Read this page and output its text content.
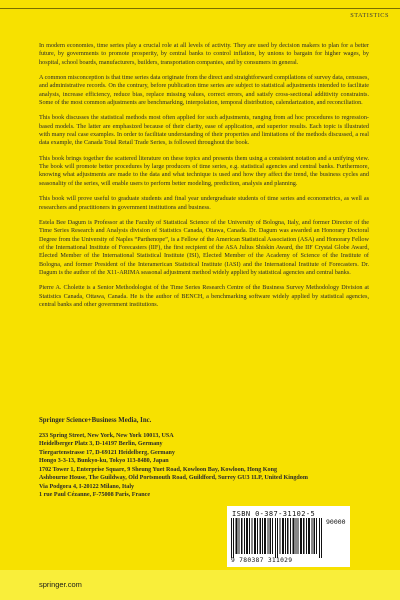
STATISTICS

In modern economies, time series play a crucial role at all levels of activity. They are used by decision makers to plan for a better future, by governments to promote prosperity, by central banks to control inflation, by unions to bargain for higher wages, by hospital, school boards, manufacturers, builders, transportation companies, and by consumers in general.

A common misconception is that time series data originate from the direct and straightforward compilations of survey data, censuses, and administrative records. On the contrary, before publication time series are subject to statistical adjustments intended to facilitate analysis, increase efficiency, reduce bias, replace missing values, correct errors, and satisfy cross-sectional additivity constraints. Some of the most common adjustments are benchmarking, interpolation, temporal distribution, calendarization, and reconciliation.

This book discusses the statistical methods most often applied for such adjustments, ranging from ad hoc procedures to regression-based models. The latter are emphasized because of their clarity, ease of application, and superior results. Each topic is illustrated with many real case examples. In order to facilitate understanding of their properties and limitations of the methods discussed, a real data example, the Canada Total Retail Trade Series, is followed throughout the book.

This book brings together the scattered literature on these topics and presents them using a consistent notation and a unifying view. The book will promote better procedures by large producers of time series, e.g. statistical agencies and central banks. Furthermore, knowing what adjustments are made to the data and what technique is used and how they affect the trend, the business cycles and seasonality of the series, will enable users to perform better modeling, prediction, analysis and planning.

This book will prove useful to graduate students and final year undergraduate students of time series and econometrics, as well as researchers and practitioners in government institutions and business.

Estela Bee Dagum is Professor at the Faculty of Statistical Science of the University of Bologna, Italy, and former Director of the Time Series Research and Analysis division of Statistics Canada, Ottawa, Canada. Dr. Dagum was awarded an Honorary Doctoral Degree from the University of Naples “Parthenope”, is a Fellow of the American Statistical Association (ASA) and Honorary Fellow of the International Institute of Forecasters (IIF), the first recipient of the ASA Julius Shiskin Award, the IIF Crystal Globe Award, Elected Member of the International Statistical Institute (ISI), Elected Member of the Academy of Science of the Institute of Bologna, and former President of the Interamerican Statistical Institute (IASI) and the International Institute of Forecasters. Dr. Dagum is the author of the X11-ARIMA seasonal adjustment method widely applied by statistical agencies and central banks.

Pierre A. Cholette is a Senior Methodologist of the Time Series Research Centre of the Business Survey Methodology Division at Statistics Canada, Ottawa, Canada. He is the author of BENCH, a benchmarking software widely applied by statistical agencies, central banks and other government institutions.

Springer Science+Business Media, Inc.

233 Spring Street, New York, New York 10013, USA
Heidelberger Platz 3, D-14197 Berlin, Germany
Tiergartenstrasse 17, D-69121 Heidelberg, Germany
Hongo 3-3-13, Bunkyo-ku, Tokyo 113-8480, Japan
1702 Tower 1, Enterprise Square, 9 Sheung Yuet Road, Kowloon Bay, Kowloon, Hong Kong
Ashbourne House, The Guildway, Old Portsmouth Road, Guildford, Surrey GU3 1LP, United Kingdom
Via Podgora 4, I-20122 Milano, Italy
1 rue Paul Cézanne, F-75008 Paris, France
ISBN 0-387-31102-5
90000
9 780387 311029
springer.com
